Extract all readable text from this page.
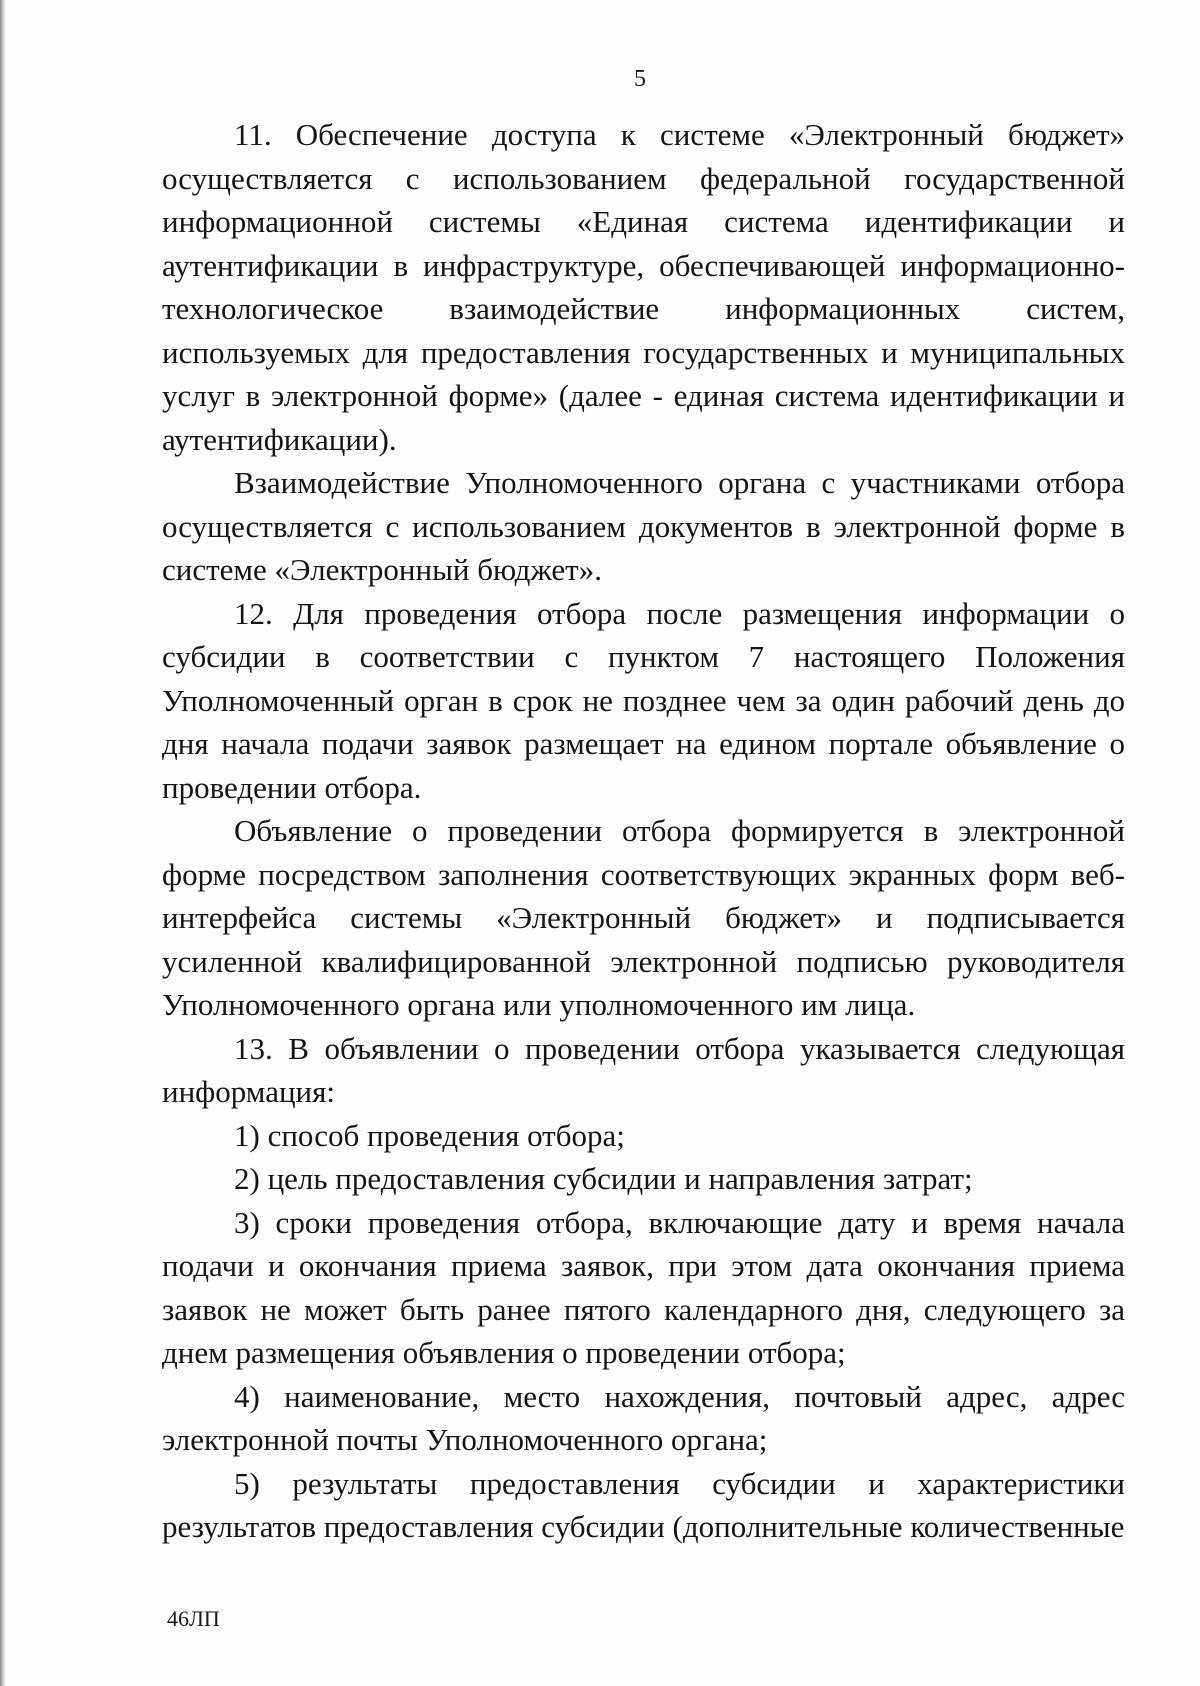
5

11. Обеспечение доступа к системе «Электронный бюджет» осуществляется с использованием федеральной государственной информационной системы «Единая система идентификации и аутентификации в инфраструктуре, обеспечивающей информационно-технологическое взаимодействие информационных систем, используемых для предоставления государственных и муниципальных услуг в электронной форме» (далее - единая система идентификации и аутентификации).

Взаимодействие Уполномоченного органа с участниками отбора осуществляется с использованием документов в электронной форме в системе «Электронный бюджет».

12. Для проведения отбора после размещения информации о субсидии в соответствии с пунктом 7 настоящего Положения Уполномоченный орган в срок не позднее чем за один рабочий день до дня начала подачи заявок размещает на едином портале объявление о проведении отбора.

Объявление о проведении отбора формируется в электронной форме посредством заполнения соответствующих экранных форм веб-интерфейса системы «Электронный бюджет» и подписывается усиленной квалифицированной электронной подписью руководителя Уполномоченного органа или уполномоченного им лица.

13. В объявлении о проведении отбора указывается следующая информация:

1) способ проведения отбора;

2) цель предоставления субсидии и направления затрат;

3) сроки проведения отбора, включающие дату и время начала подачи и окончания приема заявок, при этом дата окончания приема заявок не может быть ранее пятого календарного дня, следующего за днем размещения объявления о проведении отбора;

4) наименование, место нахождения, почтовый адрес, адрес электронной почты Уполномоченного органа;

5) результаты предоставления субсидии и характеристики результатов предоставления субсидии (дополнительные количественные

46ЛП
